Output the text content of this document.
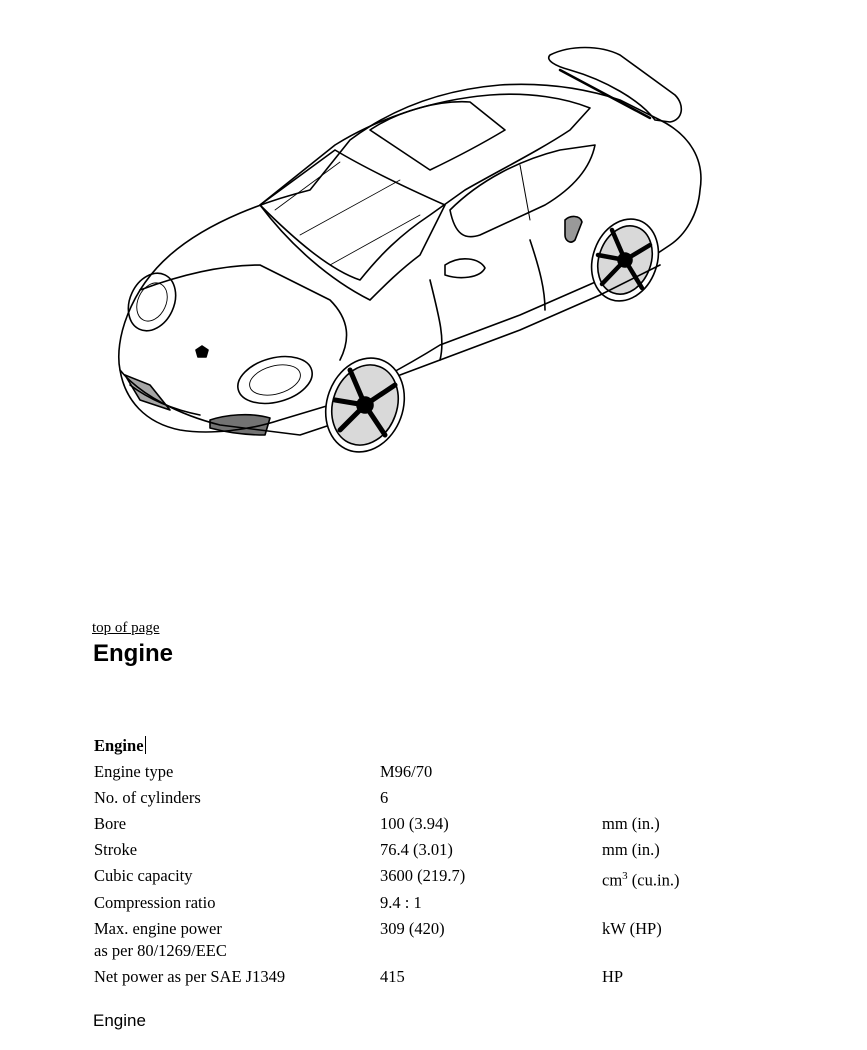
top of page
Engine
Engine		
Engine type	M96/70	
No. of cylinders	6	
Bore	100 (3.94)	mm (in.)
Stroke	76.4 (3.01)	mm (in.)
Cubic capacity	3600 (219.7)	$cm^3$ (cu.in.)
Compression ratio	9.4 : 1	
Max. engine power
as per 80/1269/EEC	309 (420)	kW (HP)
Net power as per SAE J1349	415	HP
Engine
